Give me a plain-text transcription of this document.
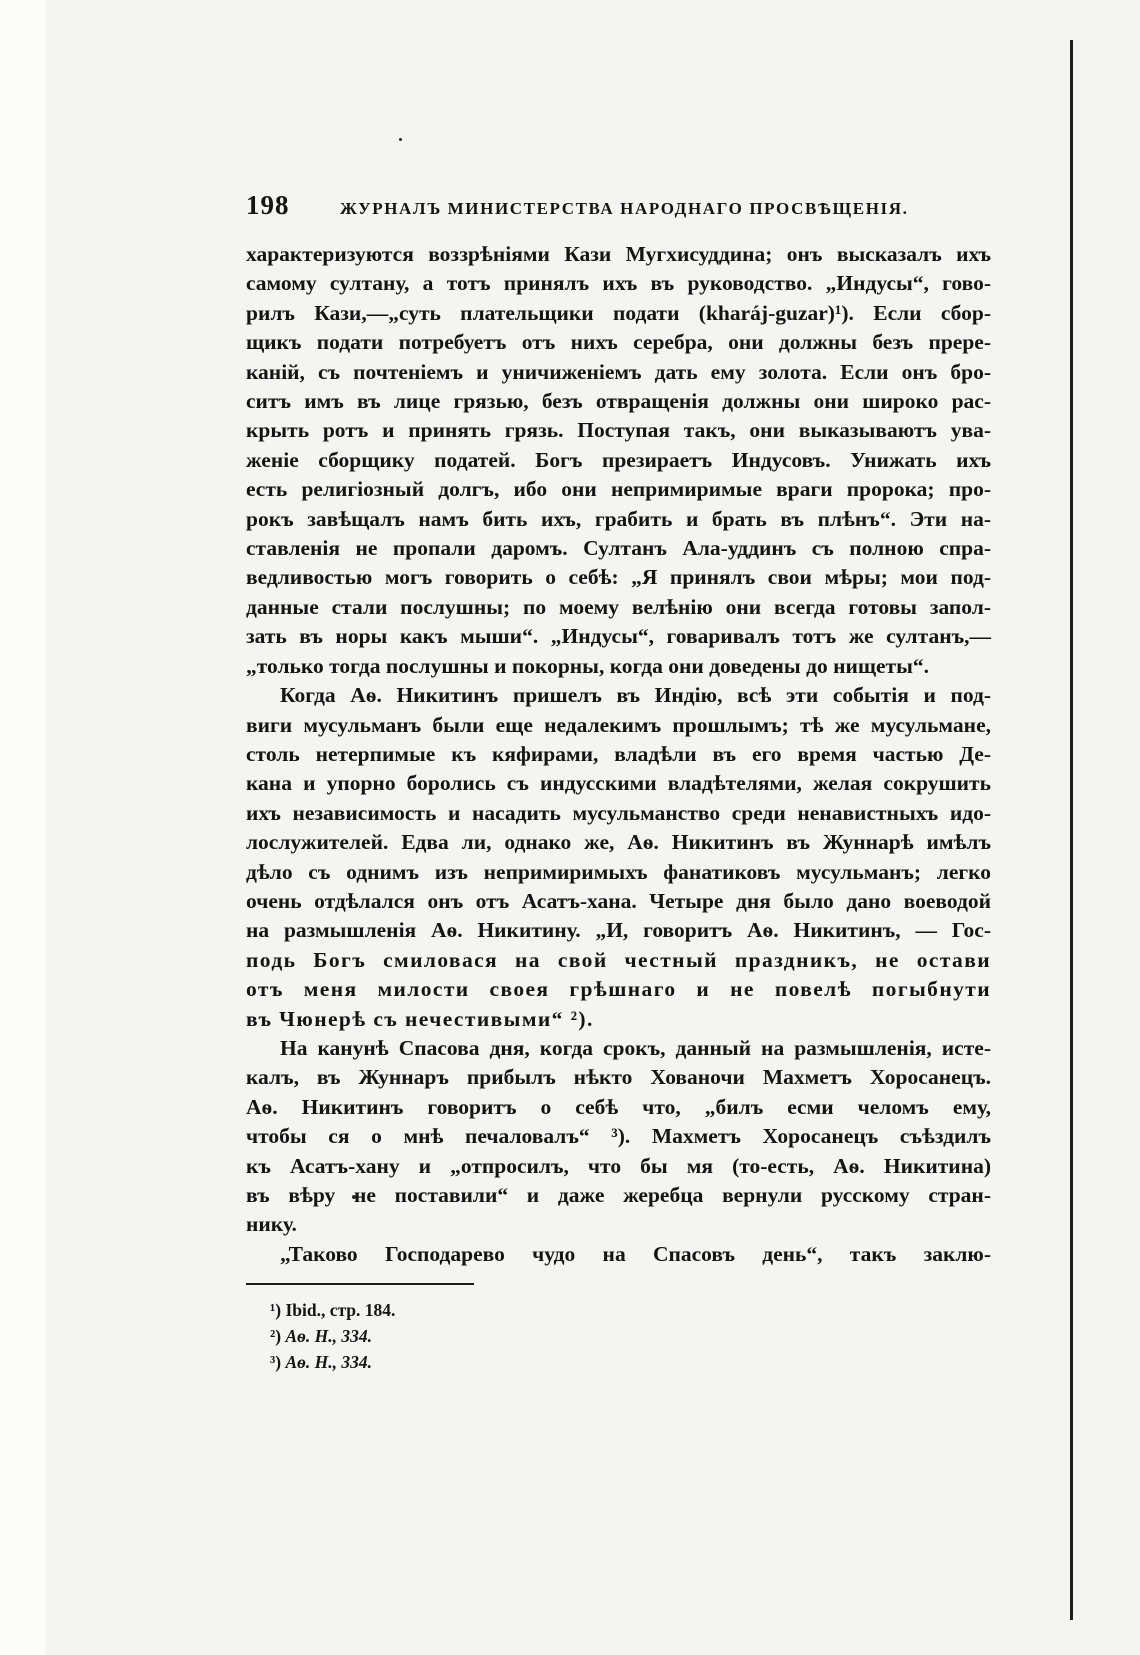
198	ЖУРНАЛЪ МИНИСТЕРСТВА НАРОДНАГО ПРОСВѢЩЕНІЯ.
характеризуются воззрѣніями Кази Мугхисуддина; онъ высказалъ ихъ
самому султану, а тотъ принялъ ихъ въ руководство. „Индусы“, гово-
рилъ Кази,—„суть плательщики подати (kharáj-guzar)¹). Если сбор-
щикъ подати потребуетъ отъ нихъ серебра, они должны безъ прере-
каній, съ почтеніемъ и уничиженіемъ дать ему золота. Если онъ бро-
ситъ имъ въ лице грязью, безъ отвращенія должны они широко рас-
крыть ротъ и принять грязь. Поступая такъ, они выказываютъ ува-
женіе сборщику податей. Богъ презираетъ Индусовъ. Унижать ихъ
есть религіозный долгъ, ибо они непримиримые враги пророка; про-
рокъ завѣщалъ намъ бить ихъ, грабить и брать въ плѣнъ“. Эти на-
ставленія не пропали даромъ. Султанъ Ала-уддинъ съ полною спра-
ведливостью могъ говорить о себѣ: „Я принялъ свои мѣры; мои под-
данные стали послушны; по моему велѣнію они всегда готовы запол-
зать въ норы какъ мыши“. „Индусы“, говаривалъ тотъ же султанъ,—
„только тогда послушны и покорны, когда они доведены до нищеты“.
Когда Аѳ. Никитинъ пришелъ въ Индію, всѣ эти событія и под-
виги мусульманъ были еще недалекимъ прошлымъ; тѣ же мусульмане,
столь нетерпимые къ кяфирами, владѣли въ его время частью Де-
кана и упорно боролись съ индусскими владѣтелями, желая сокрушить
ихъ независимость и насадить мусульманство среди ненавистныхъ идо-
лослужителей. Едва ли, однако же, Аѳ. Никитинъ въ Жуннарѣ имѣлъ
дѣло съ однимъ изъ непримиримыхъ фанатиковъ мусульманъ; легко
очень отдѣлался онъ отъ Асатъ-хана. Четыре дня было дано воеводой
на размышленія Аѳ. Никитину. „И, говоритъ Аѳ. Никитинъ, — Гос-
подь Богъ смиловася на свой честный праздникъ, не остави
отъ меня милости своея грѣшнаго и не повелѣ погыбнути
въ Чюнерѣ съ нечестивыми“ ²).
На канунѣ Спасова дня, когда срокъ, данный на размышленія, исте-
калъ, въ Жуннаръ прибылъ нѣкто Хованочи Махметъ Хоросанецъ.
Аѳ. Никитинъ говоритъ о себѣ что, „билъ есми челомъ ему,
чтобы ся о мнѣ печаловалъ“ ³). Махметъ Хоросанецъ съѣздилъ
къ Асатъ-хану и „отпросилъ, что бы мя (то-есть, Аѳ. Никитина)
въ вѣру не поставили“ и даже жеребца вернули русскому стран-
нику.
„Таково Господарево чудо на Спасовъ день“, такъ заклю-
¹) Ibid., стр. 184.
²) Аѳ. Н., 334.
³) Аѳ. Н., 334.
